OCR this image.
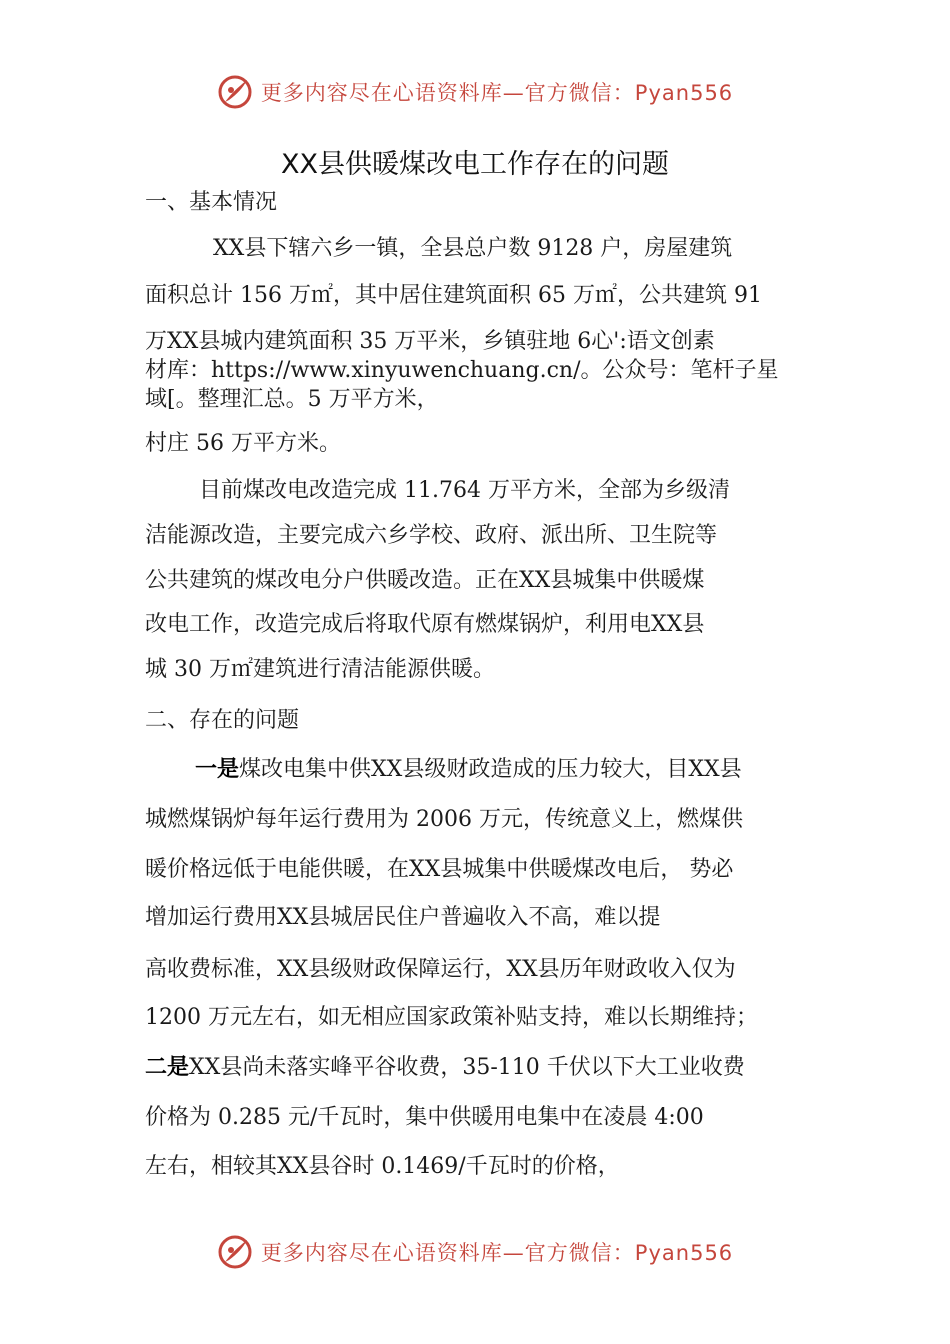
更多内容尽在心语资料库—官方微信：Pyan556
XX县供暖煤改电工作存在的问题
一、基本情况
XX县下辖六乡一镇，全县总户数 9128 户，房屋建筑
面积总计 156 万㎡，其中居住建筑面积 65 万㎡，公共建筑 91
万XX县城内建筑面积 35 万平米，乡镇驻地 6心':语文创素
材库：https://www.xinyuwenchuang.cn/。公众号：笔杆子星
域[。整理汇总。5 万平方米，
村庄 56 万平方米。
目前煤改电改造完成 11.764 万平方米，全部为乡级清
洁能源改造，主要完成六乡学校、政府、派出所、卫生院等
公共建筑的煤改电分户供暖改造。正在XX县城集中供暖煤
改电工作，改造完成后将取代原有燃煤锅炉，利用电XX县
城 30 万㎡建筑进行清洁能源供暖。
二、存在的问题
一是煤改电集中供XX县级财政造成的压力较大，目XX县
城燃煤锅炉每年运行费用为 2006 万元，传统意义上，燃煤供
暖价格远低于电能供暖，在XX县城集中供暖煤改电后， 势必
增加运行费用XX县城居民住户普遍收入不高，难以提
高收费标准，XX县级财政保障运行，XX县历年财政收入仅为
1200 万元左右，如无相应国家政策补贴支持，难以长期维持；
二是XX县尚未落实峰平谷收费，35-110 千伏以下大工业收费
价格为 0.285 元/千瓦时，集中供暖用电集中在凌晨 4:00
左右，相较其XX县谷时 0.1469/千瓦时的价格，
更多内容尽在心语资料库—官方微信：Pyan556
